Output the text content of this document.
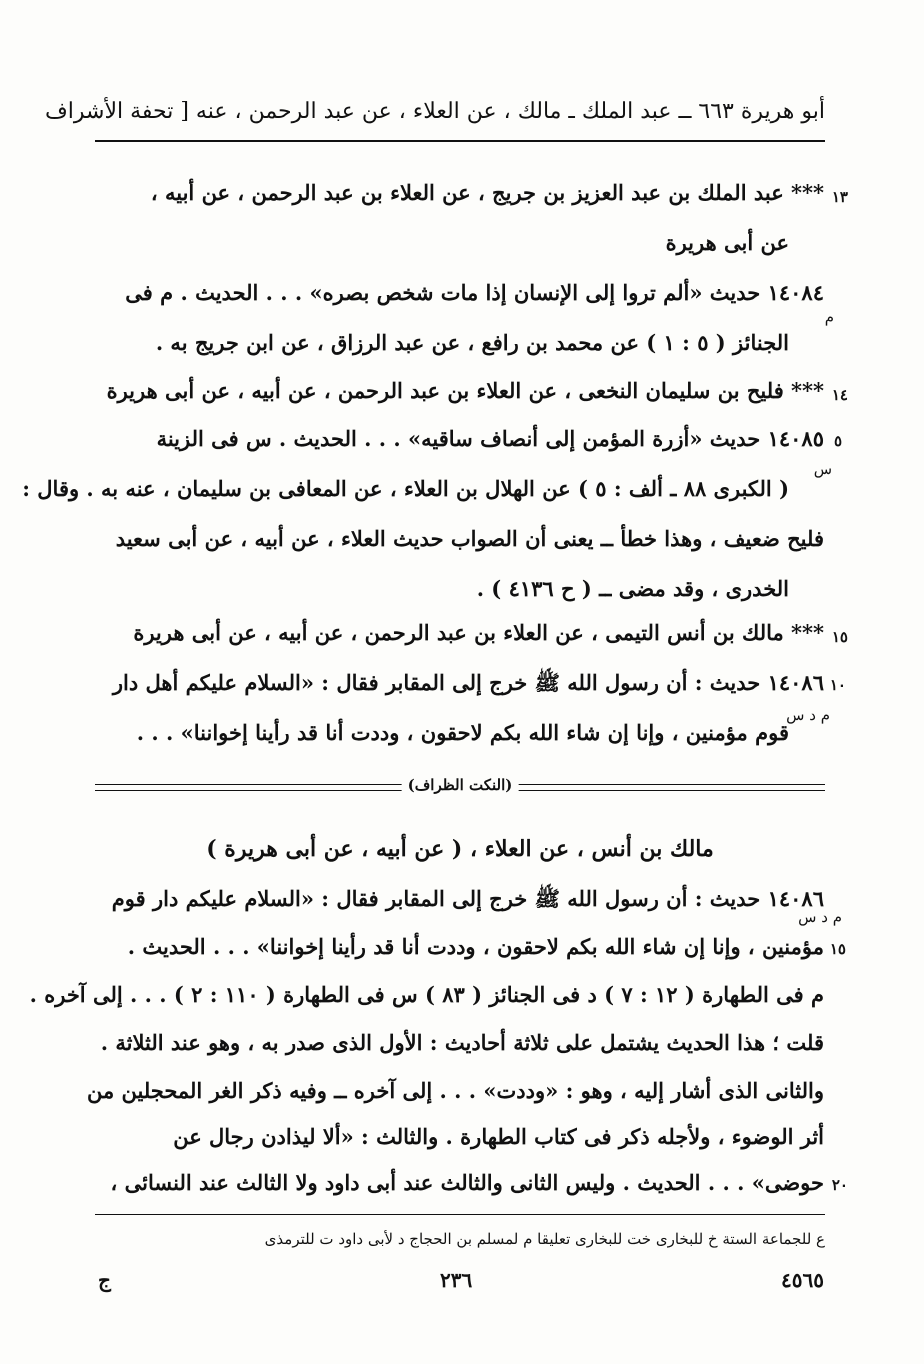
أبو هريرة ٦٦٣ ــ عبد الملك ـ مالك ، عن العلاء ، عن عبد الرحمن ، عنه [ تحفة الأشراف
١٣
*** عبد الملك بن عبد العزيز بن جريج ، عن العلاء بن عبد الرحمن ، عن أبيه ،
عن أبى هريرة
١٤٠٨٤ حديث «ألم تروا إلى الإنسان إذا مات شخص بصره» . . . الحديث . م فى
م
الجنائز ( ٥ : ١ ) عن محمد بن رافع ، عن عبد الرزاق ، عن ابن جريج به .
١٤
*** فليح بن سليمان النخعى ، عن العلاء بن عبد الرحمن ، عن أبيه ، عن أبى هريرة
٥
١٤٠٨٥ حديث «أزرة المؤمن إلى أنصاف ساقيه» . . . الحديث . س فى الزينة
س
( الكبرى ٨٨ ـ ألف : ٥ ) عن الهلال بن العلاء ، عن المعافى بن سليمان ، عنه به . وقال :
فليح ضعيف ، وهذا خطأ ــ يعنى أن الصواب حديث العلاء ، عن أبيه ، عن أبى سعيد
الخدرى ، وقد مضى ــ ( ح ٤١٣٦ ) .
١٥
*** مالك بن أنس التيمى ، عن العلاء بن عبد الرحمن ، عن أبيه ، عن أبى هريرة
١٠
١٤٠٨٦ حديث : أن رسول الله ﷺ خرج إلى المقابر فقال : «السلام عليكم أهل دار
م د س
قوم مؤمنين ، وإنا إن شاء الله بكم لاحقون ، وددت أنا قد رأينا إخواننا» . . .
(النكت الظراف)
مالك بن أنس ، عن العلاء ، ( عن أبيه ، عن أبى هريرة )
١٤٠٨٦ حديث : أن رسول الله ﷺ خرج إلى المقابر فقال : «السلام عليكم دار قوم
م د س
١٥
مؤمنين ، وإنا إن شاء الله بكم لاحقون ، وددت أنا قد رأينا إخواننا» . . . الحديث .
م فى الطهارة ( ١٢ : ٧ ) د فى الجنائز ( ٨٣ ) س فى الطهارة ( ١١٠ : ٢ ) . . . إلى آخره .
قلت ؛ هذا الحديث يشتمل على ثلاثة أحاديث : الأول الذى صدر به ، وهو عند الثلاثة .
والثانى الذى أشار إليه ، وهو : «وددت» . . . إلى آخره ــ وفيه ذكر الغر المحجلين من
أثر الوضوء ، ولأجله ذكر فى كتاب الطهارة . والثالث : «ألا ليذادن رجال عن
٢٠
حوضى» . . . الحديث . وليس الثانى والثالث عند أبى داود ولا الثالث عند النسائى ،
ع للجماعة الستة خ للبخارى خت للبخارى تعليقا م لمسلم بن الحجاج د لأبى داود ت للترمذى
٤٥٦٥
٢٣٦
ج
